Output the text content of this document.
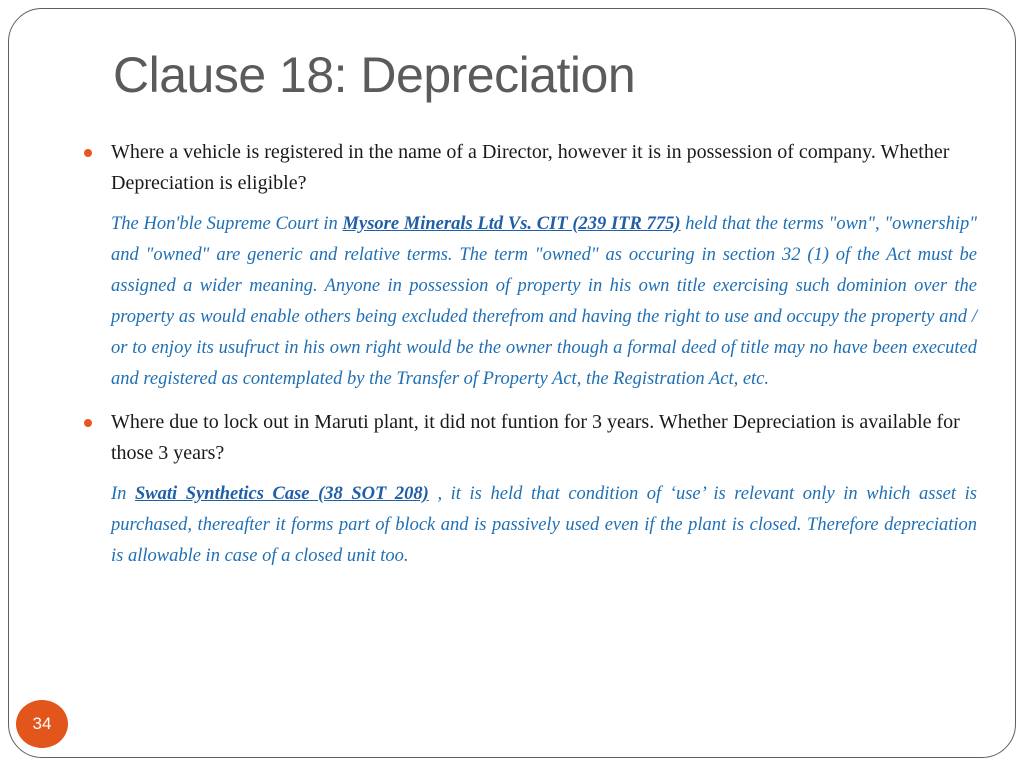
Clause 18: Depreciation
Where a vehicle is registered in the name of a Director, however it is in possession of company. Whether Depreciation is eligible?

The Hon'ble Supreme Court in Mysore Minerals Ltd Vs. CIT (239 ITR 775) held that the terms "own", "ownership" and "owned" are generic and relative terms. The term "owned" as occuring in section 32 (1) of the Act must be assigned a wider meaning. Anyone in possession of property in his own title exercising such dominion over the property as would enable others being excluded therefrom and having the right to use and occupy the property and / or to enjoy its usufruct in his own right would be the owner though a formal deed of title may no have been executed and registered as contemplated by the Transfer of Property Act, the Registration Act, etc.

Where due to lock out in Maruti plant, it did not funtion for 3 years. Whether Depreciation is available for those 3 years?

In Swati Synthetics Case (38 SOT 208) , it is held that condition of ‘use’ is relevant only in which asset is purchased, thereafter it forms part of block and is passively used even if the plant is closed. Therefore depreciation is allowable in case of a closed unit too.

34
